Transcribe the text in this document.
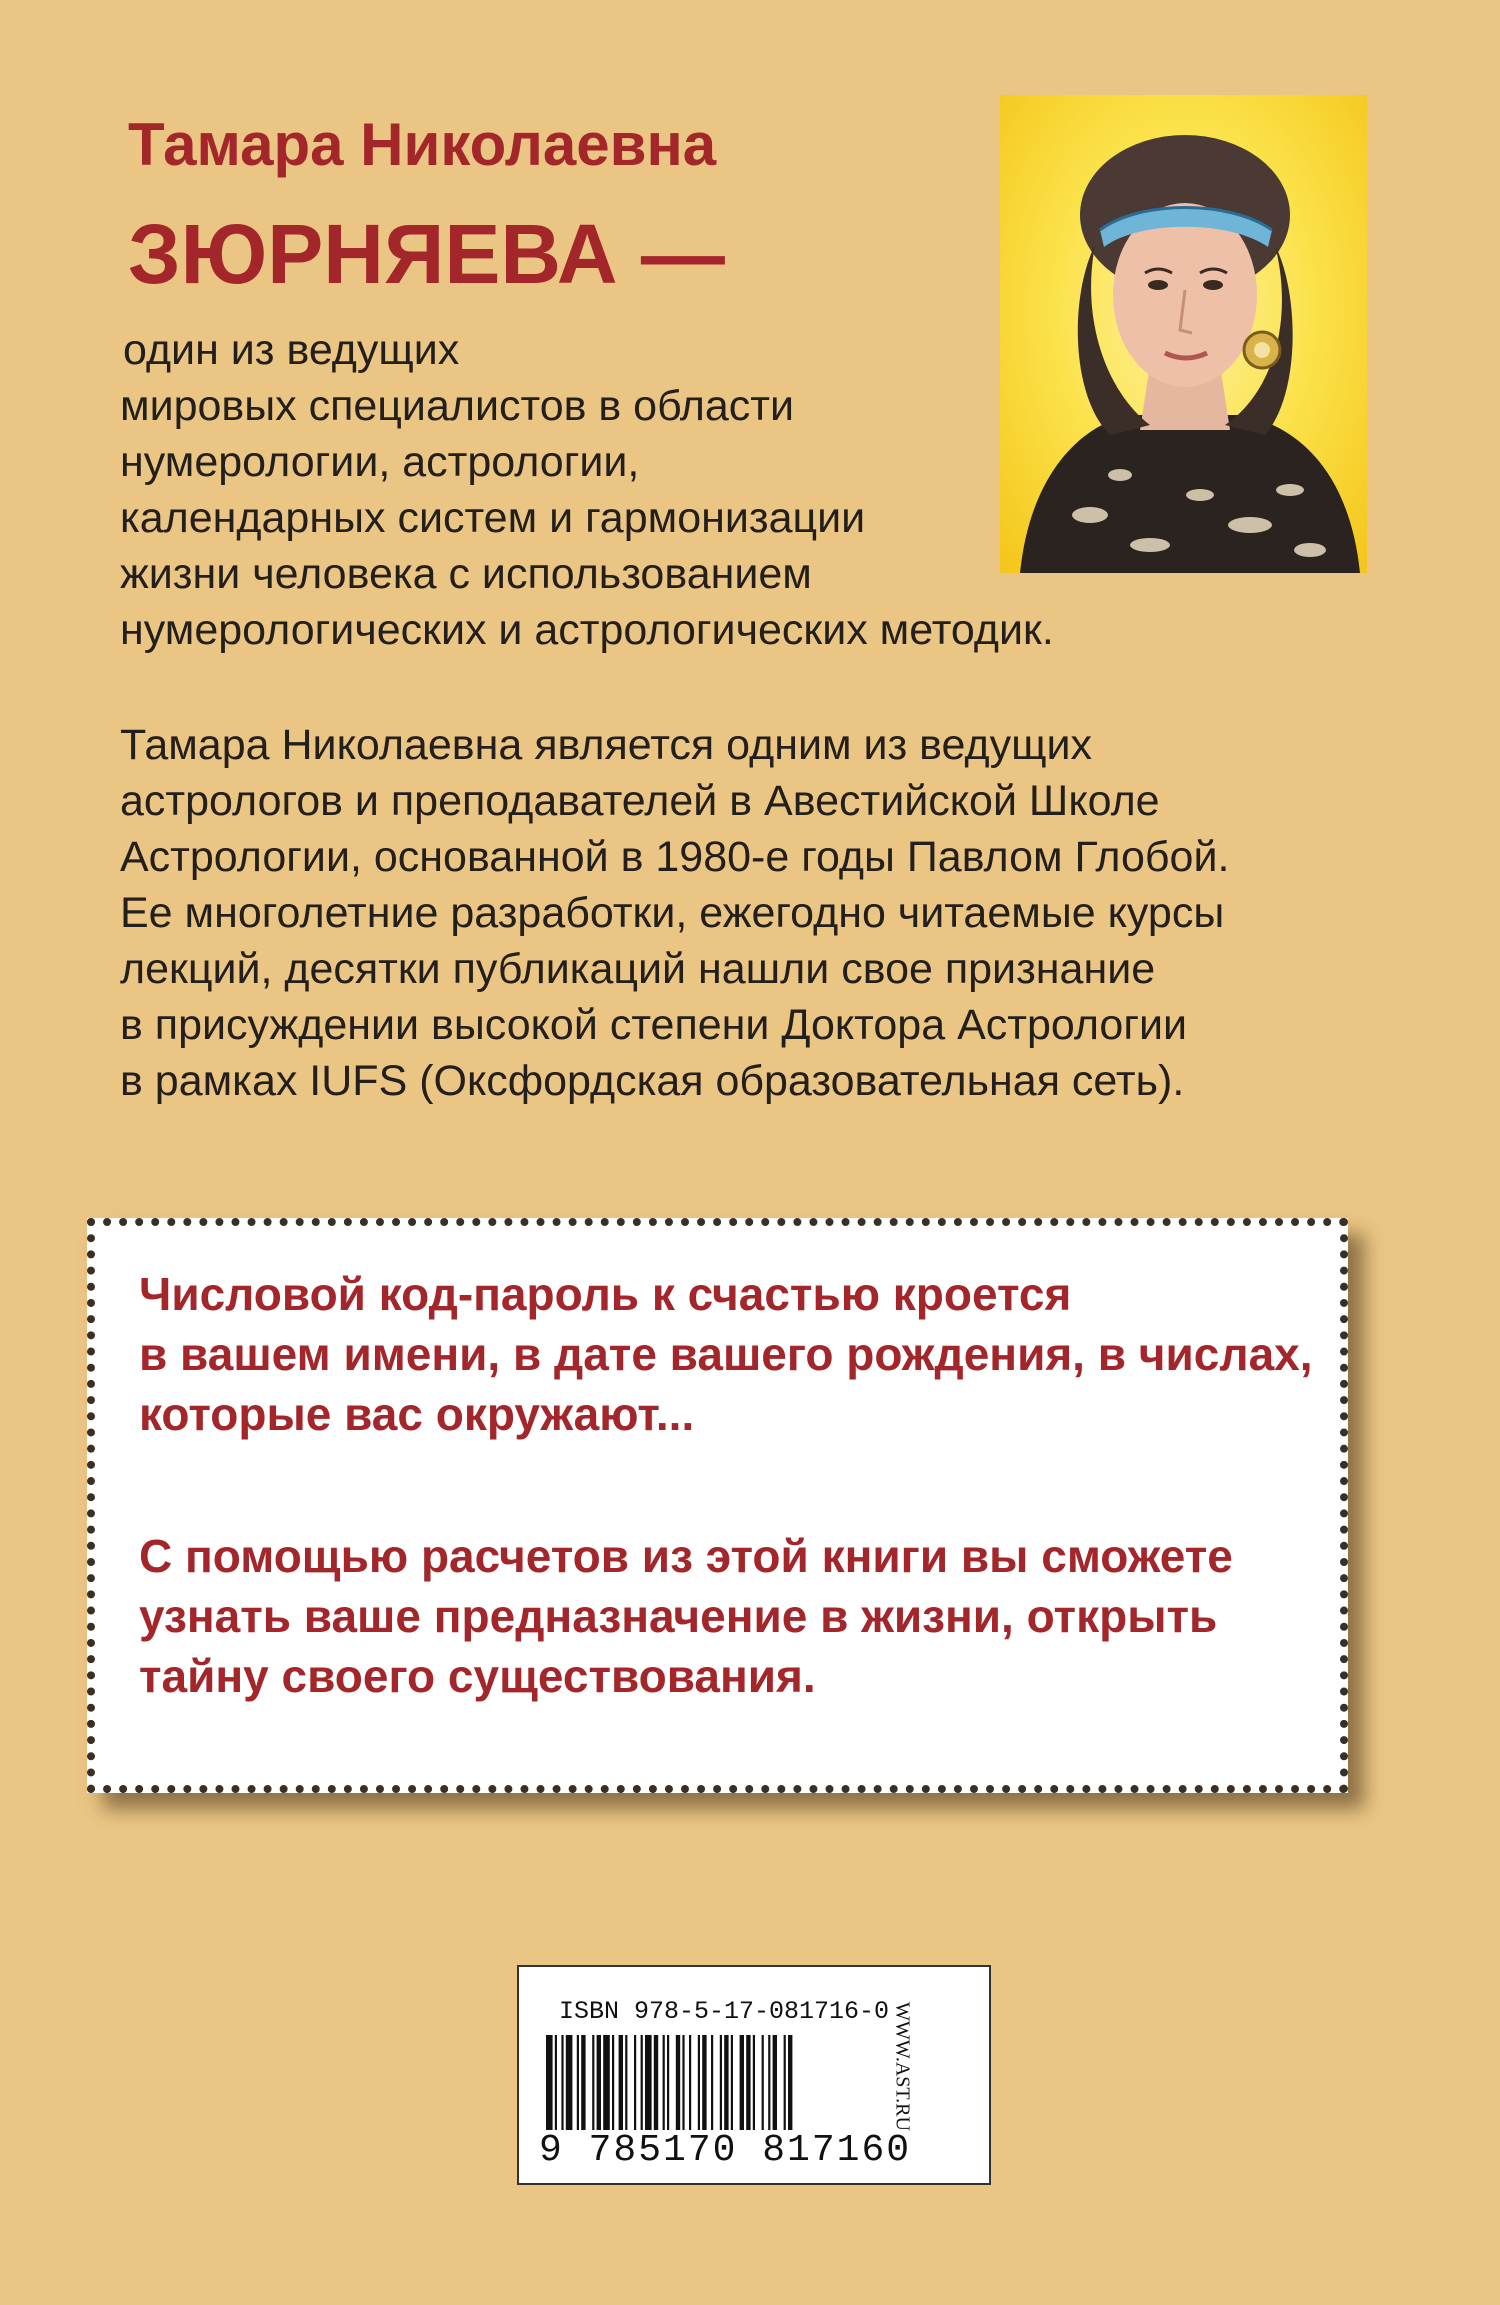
Тамара Николаевна
ЗЮРНЯЕВА —
один из ведущих
мировых специалистов в области
нумерологии, астрологии,
календарных систем и гармонизации
жизни человека с использованием
нумерологических и астрологических методик.
Тамара Николаевна является одним из ведущих
астрологов и преподавателей в Авестийской Школе
Астрологии, основанной в 1980-е годы Павлом Глобой.
Ее многолетние разработки, ежегодно читаемые курсы
лекций, десятки публикаций нашли свое признание
в присуждении высокой степени Доктора Астрологии
в рамках IUFS (Оксфордская образовательная сеть).
Числовой код-пароль к счастью кроется
в вашем имени, в дате вашего рождения, в числах,
которые вас окружают...
С помощью расчетов из этой книги вы сможете
узнать ваше предназначение в жизни, открыть
тайну своего существования.
ISBN 978-5-17-081716-0
9 785170 817160
WWW.AST.RU
